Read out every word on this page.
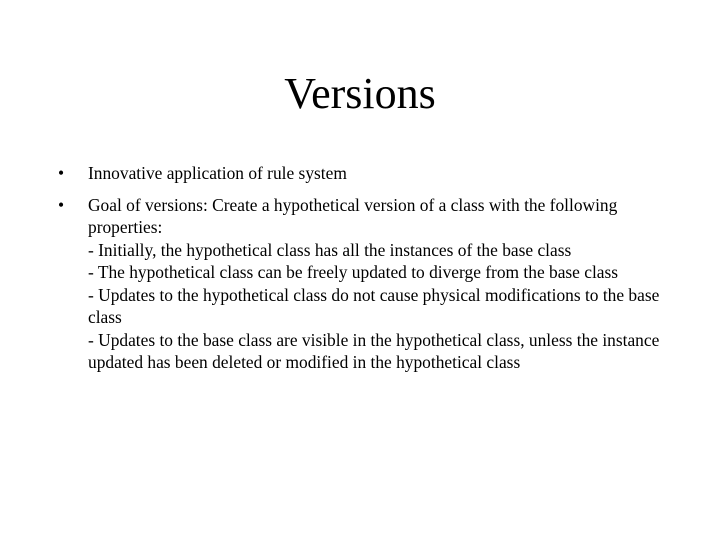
Versions
• Innovative application of rule system
• Goal of versions: Create a hypothetical version of a class with the following properties:
- Initially, the hypothetical class has all the instances of the base class
- The hypothetical class can be freely updated to diverge from the base class
- Updates to the hypothetical class do not cause physical modifications to the base class
- Updates to the base class are visible in the hypothetical class, unless the instance updated has been deleted or modified in the hypothetical class
